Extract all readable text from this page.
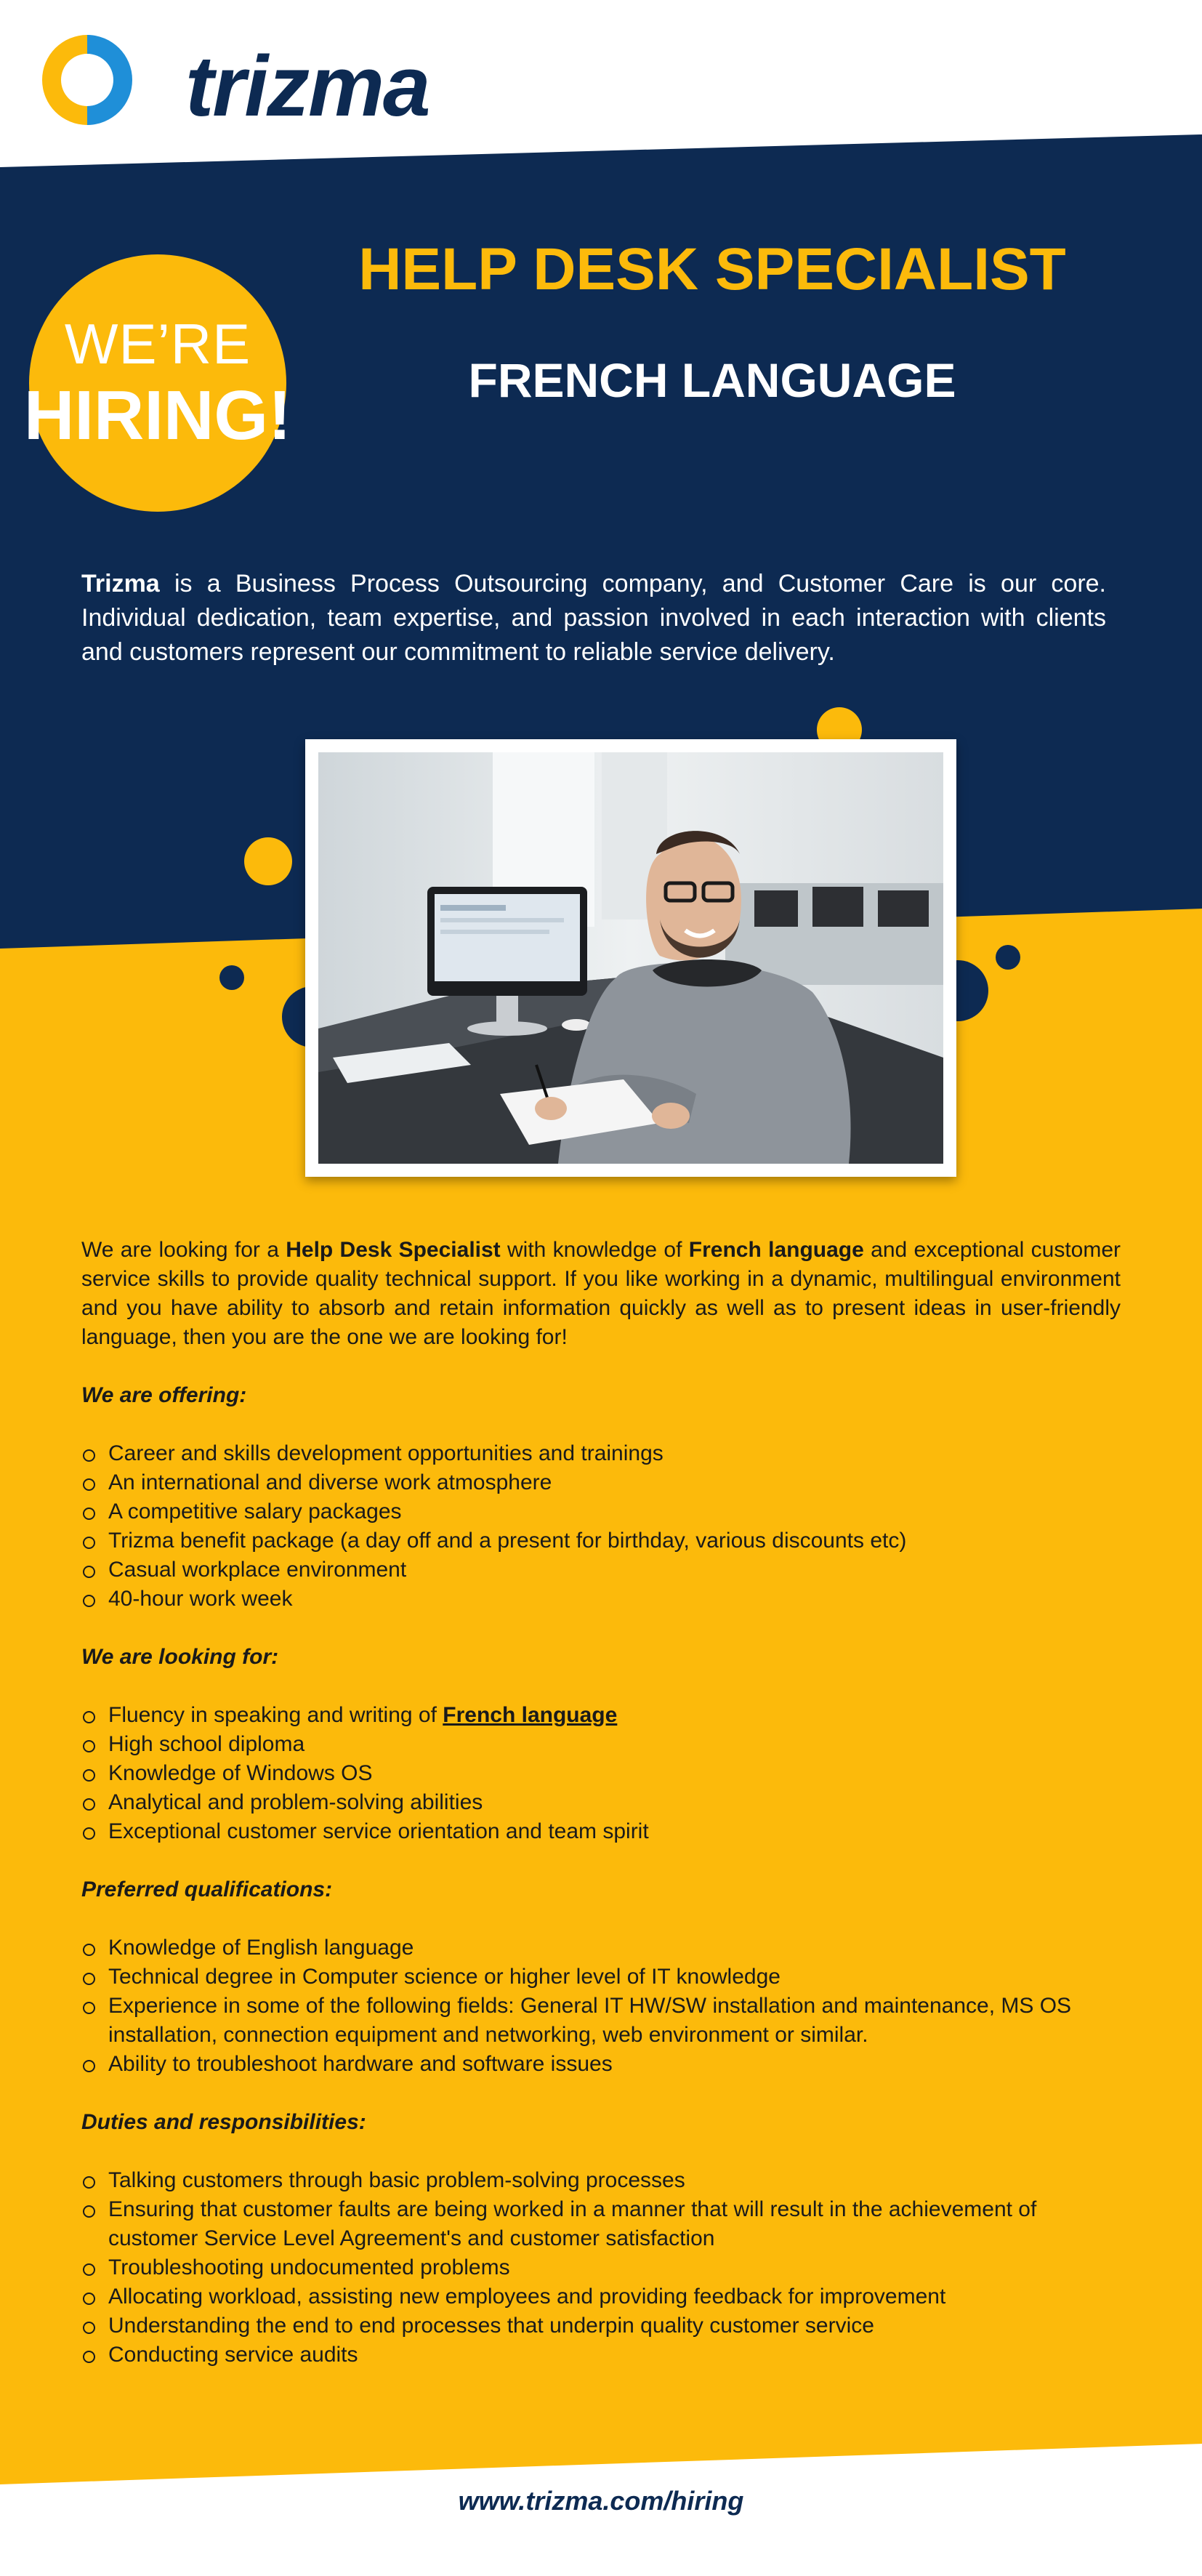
trizma
WE’RE
HIRING!
HELP DESK SPECIALIST
FRENCH LANGUAGE
Trizma is a Business Process Outsourcing company, and Customer Care is our core. Individual dedication, team expertise, and passion involved in each interaction with clients and customers represent our commitment to reliable service delivery.

We are looking for a Help Desk Specialist with knowledge of French language and exceptional customer service skills to provide quality technical support. If you like working in a dynamic, multilingual environment and you have ability to absorb and retain information quickly as well as to present ideas in user-friendly language, then you are the one we are looking for!

We are offering:
Career and skills development opportunities and trainings
An international and diverse work atmosphere
A competitive salary packages
Trizma benefit package (a day off and a present for birthday, various discounts etc)
Casual workplace environment
40-hour work week
We are looking for:
Fluency in speaking and writing of French language
High school diploma
Knowledge of Windows OS
Analytical and problem-solving abilities
Exceptional customer service orientation and team spirit
Preferred qualifications:
Knowledge of English language
Technical degree in Computer science or higher level of IT knowledge
Experience in some of the following fields: General IT HW/SW installation and maintenance, MS OS installation, connection equipment and networking, web environment or similar.
Ability to troubleshoot hardware and software issues
Duties and responsibilities:
Talking customers through basic problem-solving processes
Ensuring that customer faults are being worked in a manner that will result in the achievement of customer Service Level Agreement's and customer satisfaction
Troubleshooting undocumented problems
Allocating workload, assisting new employees and providing feedback for improvement
Understanding the end to end processes that underpin quality customer service
Conducting service audits
www.trizma.com/hiring
